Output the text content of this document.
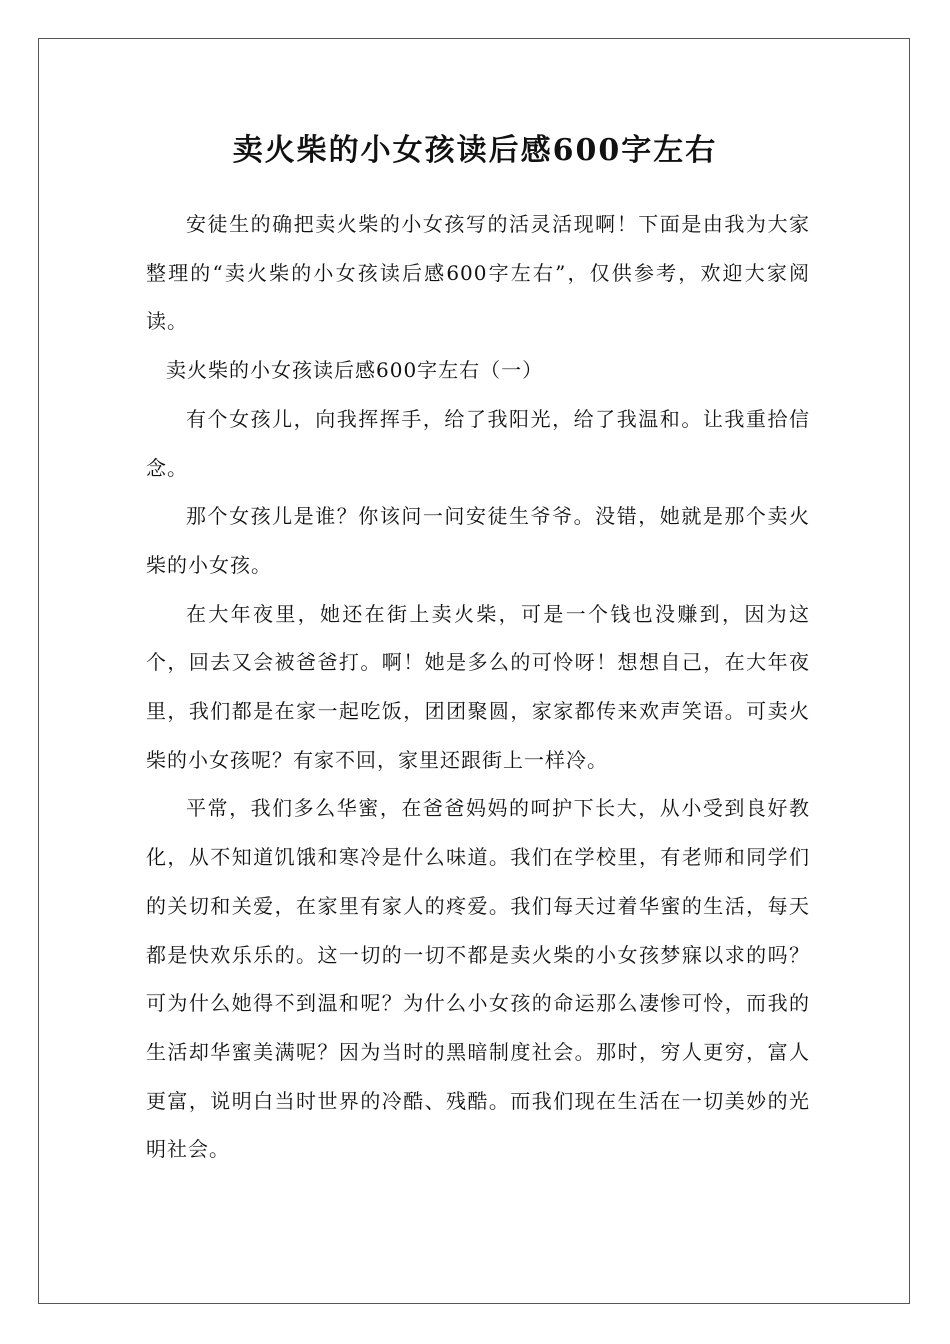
卖火柴的小女孩读后感600字左右

安徒生的确把卖火柴的小女孩写的活灵活现啊！下面是由我为大家整理的“卖火柴的小女孩读后感600字左右”，仅供参考，欢迎大家阅读。

卖火柴的小女孩读后感600字左右（一）

有个女孩儿，向我挥挥手，给了我阳光，给了我温和。让我重拾信念。

那个女孩儿是谁？你该问一问安徒生爷爷。没错，她就是那个卖火柴的小女孩。

在大年夜里，她还在街上卖火柴，可是一个钱也没赚到，因为这个，回去又会被爸爸打。啊！她是多么的可怜呀！想想自己，在大年夜里，我们都是在家一起吃饭，团团聚圆，家家都传来欢声笑语。可卖火柴的小女孩呢？有家不回，家里还跟街上一样冷。

平常，我们多么华蜜，在爸爸妈妈的呵护下长大，从小受到良好教化，从不知道饥饿和寒冷是什么味道。我们在学校里，有老师和同学们的关切和关爱，在家里有家人的疼爱。我们每天过着华蜜的生活，每天都是快欢乐乐的。这一切的一切不都是卖火柴的小女孩梦寐以求的吗？可为什么她得不到温和呢？为什么小女孩的命运那么凄惨可怜，而我的生活却华蜜美满呢？因为当时的黑暗制度社会。那时，穷人更穷，富人更富，说明白当时世界的冷酷、残酷。而我们现在生活在一切美妙的光明社会。
